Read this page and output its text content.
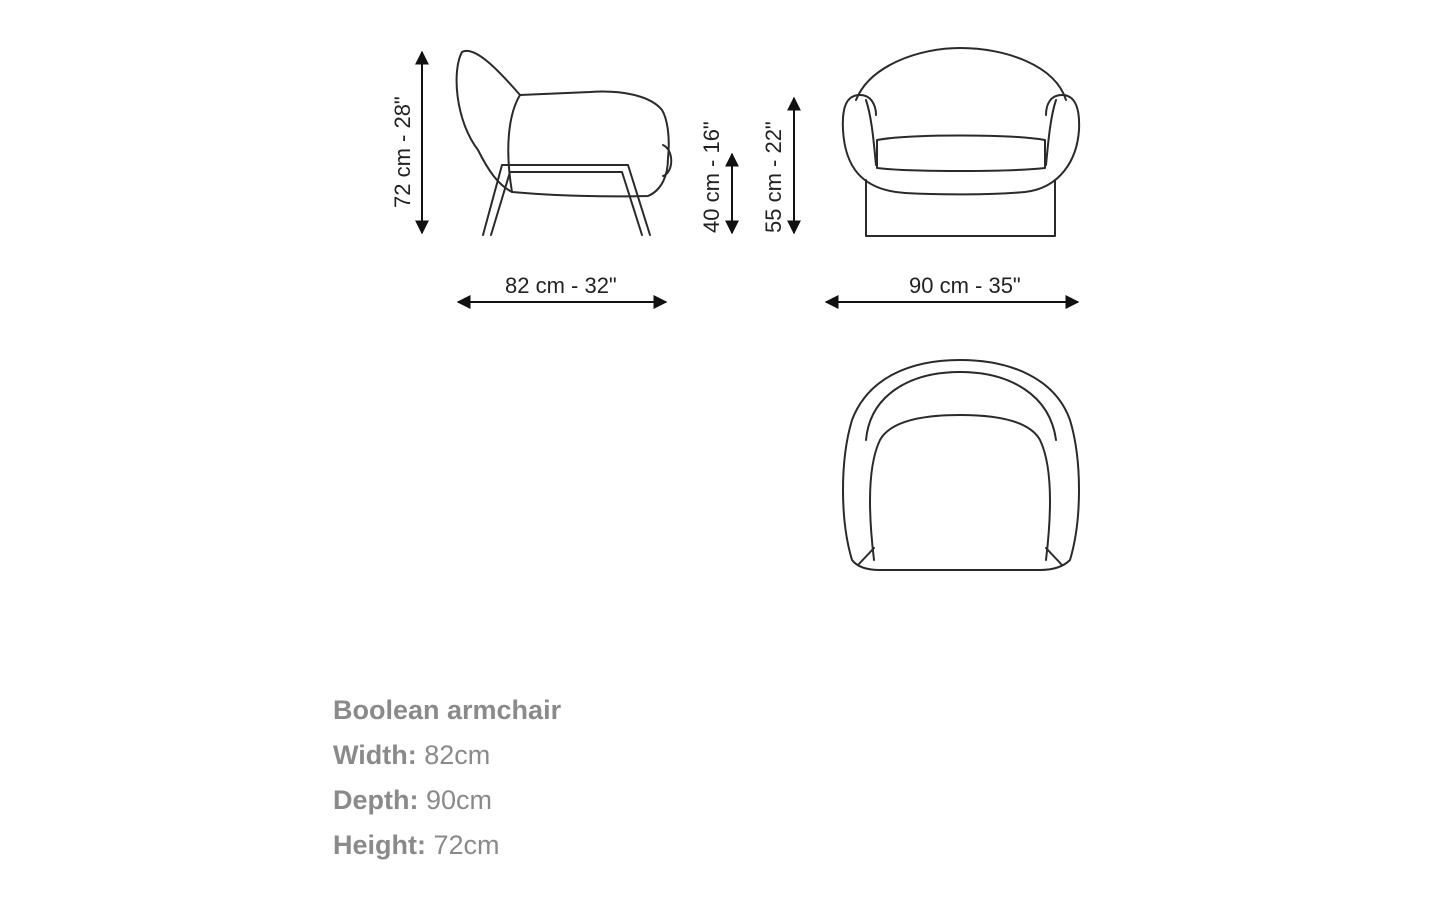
72 cm - 28"
82 cm - 32"
40 cm - 16" 55 cm - 22"
90 cm - 35"
Boolean armchair
Width: 82cm
Depth: 90cm
Height: 72cm
